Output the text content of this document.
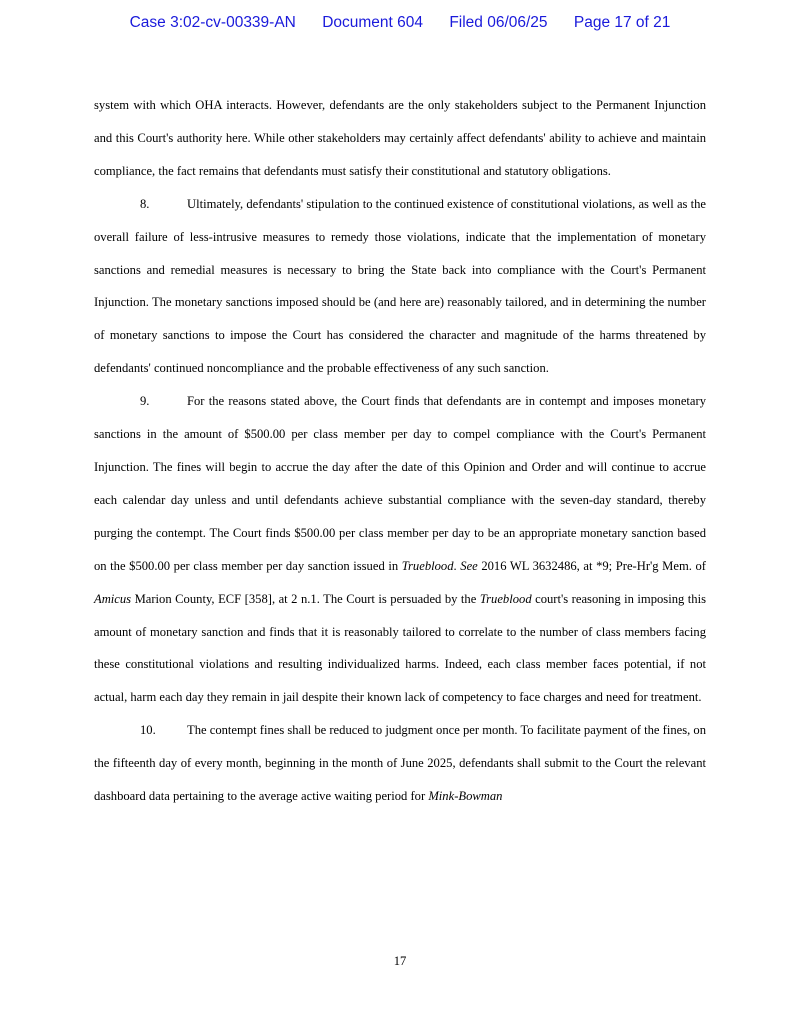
Case 3:02-cv-00339-AN Document 604 Filed 06/06/25 Page 17 of 21

system with which OHA interacts. However, defendants are the only stakeholders subject to the Permanent Injunction and this Court's authority here. While other stakeholders may certainly affect defendants' ability to achieve and maintain compliance, the fact remains that defendants must satisfy their constitutional and statutory obligations.

8.	Ultimately, defendants' stipulation to the continued existence of constitutional violations, as well as the overall failure of less-intrusive measures to remedy those violations, indicate that the implementation of monetary sanctions and remedial measures is necessary to bring the State back into compliance with the Court's Permanent Injunction. The monetary sanctions imposed should be (and here are) reasonably tailored, and in determining the number of monetary sanctions to impose the Court has considered the character and magnitude of the harms threatened by defendants' continued noncompliance and the probable effectiveness of any such sanction.

9.	For the reasons stated above, the Court finds that defendants are in contempt and imposes monetary sanctions in the amount of $500.00 per class member per day to compel compliance with the Court's Permanent Injunction. The fines will begin to accrue the day after the date of this Opinion and Order and will continue to accrue each calendar day unless and until defendants achieve substantial compliance with the seven-day standard, thereby purging the contempt. The Court finds $500.00 per class member per day to be an appropriate monetary sanction based on the $500.00 per class member per day sanction issued in Trueblood. See 2016 WL 3632486, at *9; Pre-Hr'g Mem. of Amicus Marion County, ECF [358], at 2 n.1. The Court is persuaded by the Trueblood court's reasoning in imposing this amount of monetary sanction and finds that it is reasonably tailored to correlate to the number of class members facing these constitutional violations and resulting individualized harms. Indeed, each class member faces potential, if not actual, harm each day they remain in jail despite their known lack of competency to face charges and need for treatment.

10. The contempt fines shall be reduced to judgment once per month. To facilitate payment of the fines, on the fifteenth day of every month, beginning in the month of June 2025, defendants shall submit to the Court the relevant dashboard data pertaining to the average active waiting period for Mink-Bowman

17
